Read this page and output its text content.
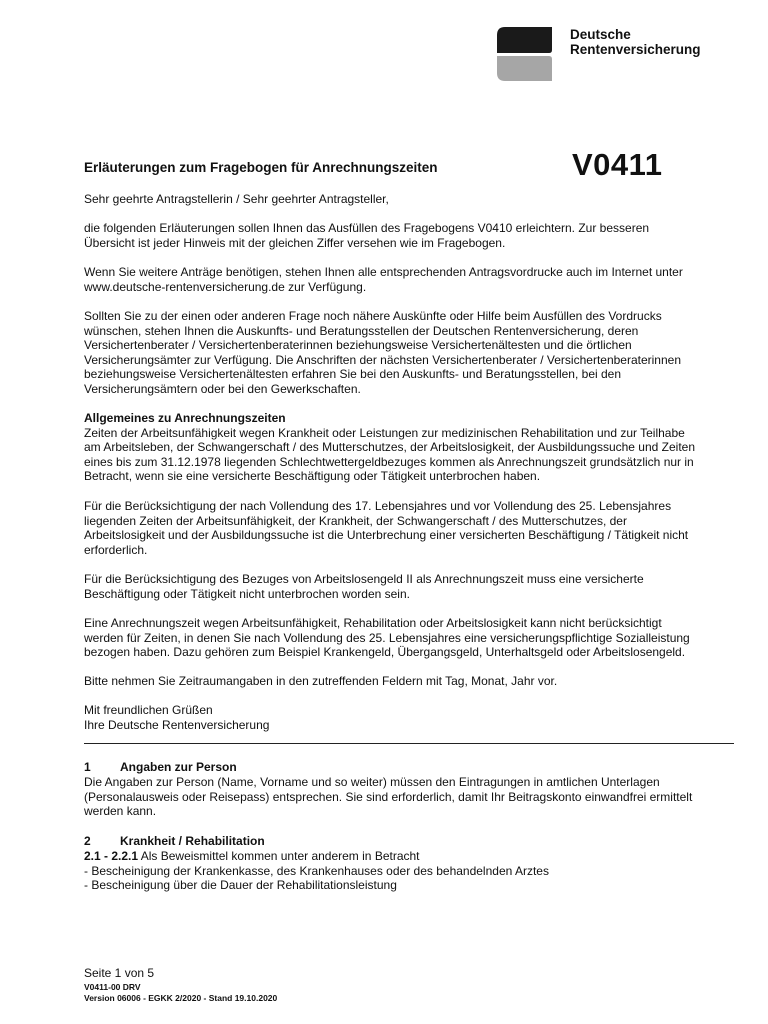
Deutsche
Rentenversicherung
Erläuterungen zum Fragebogen für Anrechnungszeiten	V0411
Sehr geehrte Antragstellerin / Sehr geehrter Antragsteller,
die folgenden Erläuterungen sollen Ihnen das Ausfüllen des Fragebogens V0410 erleichtern. Zur besseren
Übersicht ist jeder Hinweis mit der gleichen Ziffer versehen wie im Fragebogen.
Wenn Sie weitere Anträge benötigen, stehen Ihnen alle entsprechenden Antragsvordrucke auch im Internet unter
www.deutsche-rentenversicherung.de zur Verfügung.
Sollten Sie zu der einen oder anderen Frage noch nähere Auskünfte oder Hilfe beim Ausfüllen des Vordrucks
wünschen, stehen Ihnen die Auskunfts- und Beratungsstellen der Deutschen Rentenversicherung, deren
Versichertenberater / Versichertenberaterinnen beziehungsweise Versichertenältesten und die örtlichen
Versicherungsämter zur Verfügung. Die Anschriften der nächsten Versichertenberater / Versichertenberaterinnen
beziehungsweise Versichertenältesten erfahren Sie bei den Auskunfts- und Beratungsstellen, bei den
Versicherungsämtern oder bei den Gewerkschaften.
Allgemeines zu Anrechnungszeiten
Zeiten der Arbeitsunfähigkeit wegen Krankheit oder Leistungen zur medizinischen Rehabilitation und zur Teilhabe
am Arbeitsleben, der Schwangerschaft / des Mutterschutzes, der Arbeitslosigkeit, der Ausbildungssuche und Zeiten
eines bis zum 31.12.1978 liegenden Schlechtwettergeldbezuges kommen als Anrechnungszeit grundsätzlich nur in
Betracht, wenn sie eine versicherte Beschäftigung oder Tätigkeit unterbrochen haben.
Für die Berücksichtigung der nach Vollendung des 17. Lebensjahres und vor Vollendung des 25. Lebensjahres
liegenden Zeiten der Arbeitsunfähigkeit, der Krankheit, der Schwangerschaft / des Mutterschutzes, der
Arbeitslosigkeit und der Ausbildungssuche ist die Unterbrechung einer versicherten Beschäftigung / Tätigkeit nicht
erforderlich.
Für die Berücksichtigung des Bezuges von Arbeitslosengeld II als Anrechnungszeit muss eine versicherte
Beschäftigung oder Tätigkeit nicht unterbrochen worden sein.
Eine Anrechnungszeit wegen Arbeitsunfähigkeit, Rehabilitation oder Arbeitslosigkeit kann nicht berücksichtigt
werden für Zeiten, in denen Sie nach Vollendung des 25. Lebensjahres eine versicherungspflichtige Sozialleistung
bezogen haben. Dazu gehören zum Beispiel Krankengeld, Übergangsgeld, Unterhaltsgeld oder Arbeitslosengeld.
Bitte nehmen Sie Zeitraumangaben in den zutreffenden Feldern mit Tag, Monat, Jahr vor.
Mit freundlichen Grüßen
Ihre Deutsche Rentenversicherung
1 Angaben zur Person
Die Angaben zur Person (Name, Vorname und so weiter) müssen den Eintragungen in amtlichen Unterlagen
(Personalausweis oder Reisepass) entsprechen. Sie sind erforderlich, damit Ihr Beitragskonto einwandfrei ermittelt
werden kann.
2 Krankheit / Rehabilitation
2.1 - 2.2.1 Als Beweismittel kommen unter anderem in Betracht
- Bescheinigung der Krankenkasse, des Krankenhauses oder des behandelnden Arztes
- Bescheinigung über die Dauer der Rehabilitationsleistung
Seite 1 von 5
V0411-00 DRV
Version 06006 - EGKK 2/2020 - Stand 19.10.2020
